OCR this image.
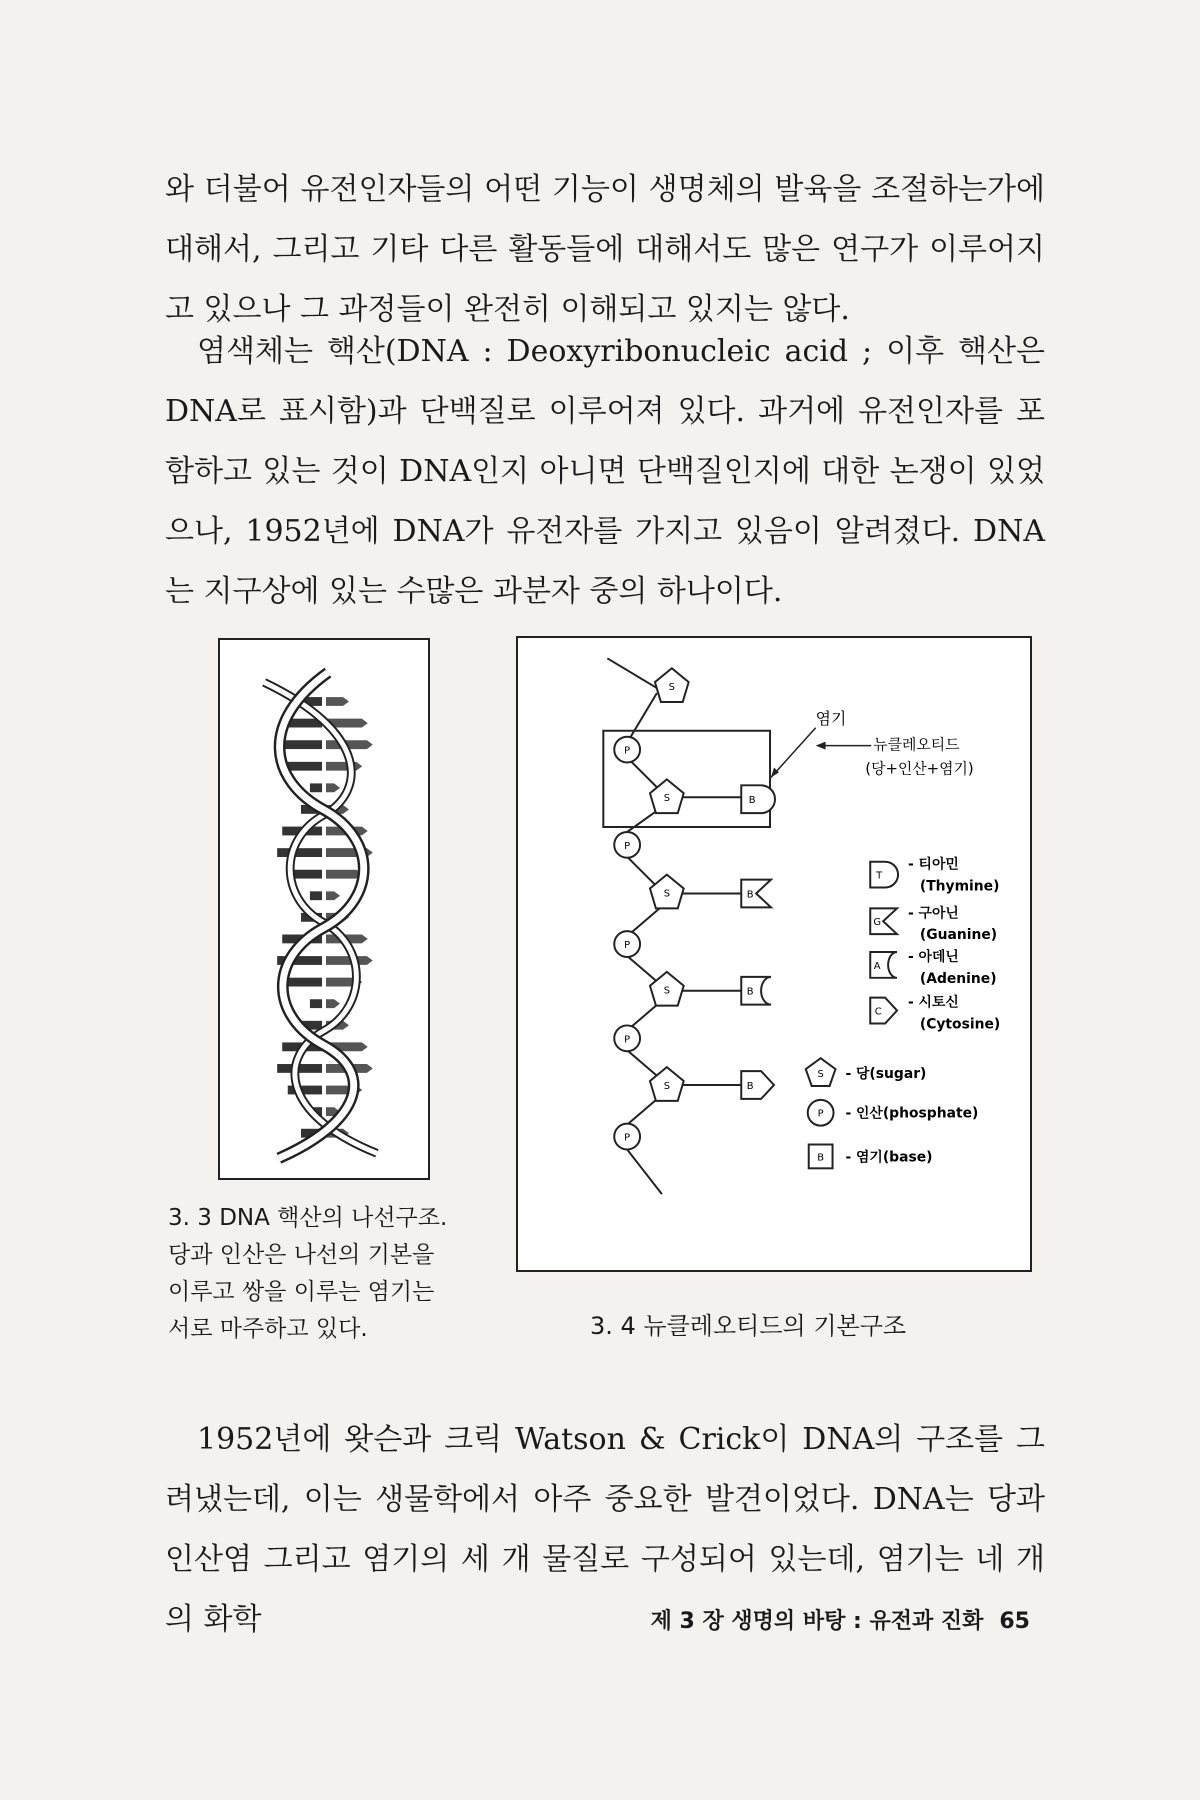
와 더불어 유전인자들의 어떤 기능이 생명체의 발육을 조절하는가에 대해서, 그리고 기타 다른 활동들에 대해서도 많은 연구가 이루어지고 있으나 그 과정들이 완전히 이해되고 있지는 않다.

염색체는 핵산(DNA : Deoxyribonucleic acid ; 이후 핵산은 DNA로 표시함)과 단백질로 이루어져 있다. 과거에 유전인자를 포함하고 있는 것이 DNA인지 아니면 단백질인지에 대한 논쟁이 있었으나, 1952년에 DNA가 유전자를 가지고 있음이 알려졌다. DNA는 지구상에 있는 수많은 과분자 중의 하나이다.

3. 3 DNA 핵산의 나선구조.
당과 인산은 나선의 기본을
이루고 쌍을 이루는 염기는
서로 마주하고 있다.
S
S
S
S
S
P
P
P
P
P
B
B
B
B
염기
뉴클레오티드
(당+인산+염기)
T
G
A
C
- 티아민
(Thymine)
- 구아닌
(Guanine)
- 아데닌
(Adenine)
- 시토신
(Cytosine)
S
P
B
- 당(sugar)
- 인산(phosphate)
- 염기(base)
3. 4 뉴클레오티드의 기본구조

1952년에 왓슨과 크릭 Watson & Crick이 DNA의 구조를 그려냈는데, 이는 생물학에서 아주 중요한 발견이었다. DNA는 당과 인산염 그리고 염기의 세 개 물질로 구성되어 있는데, 염기는 네 개의 화학	제 3 장 생명의 바탕 : 유전과 진화 65
